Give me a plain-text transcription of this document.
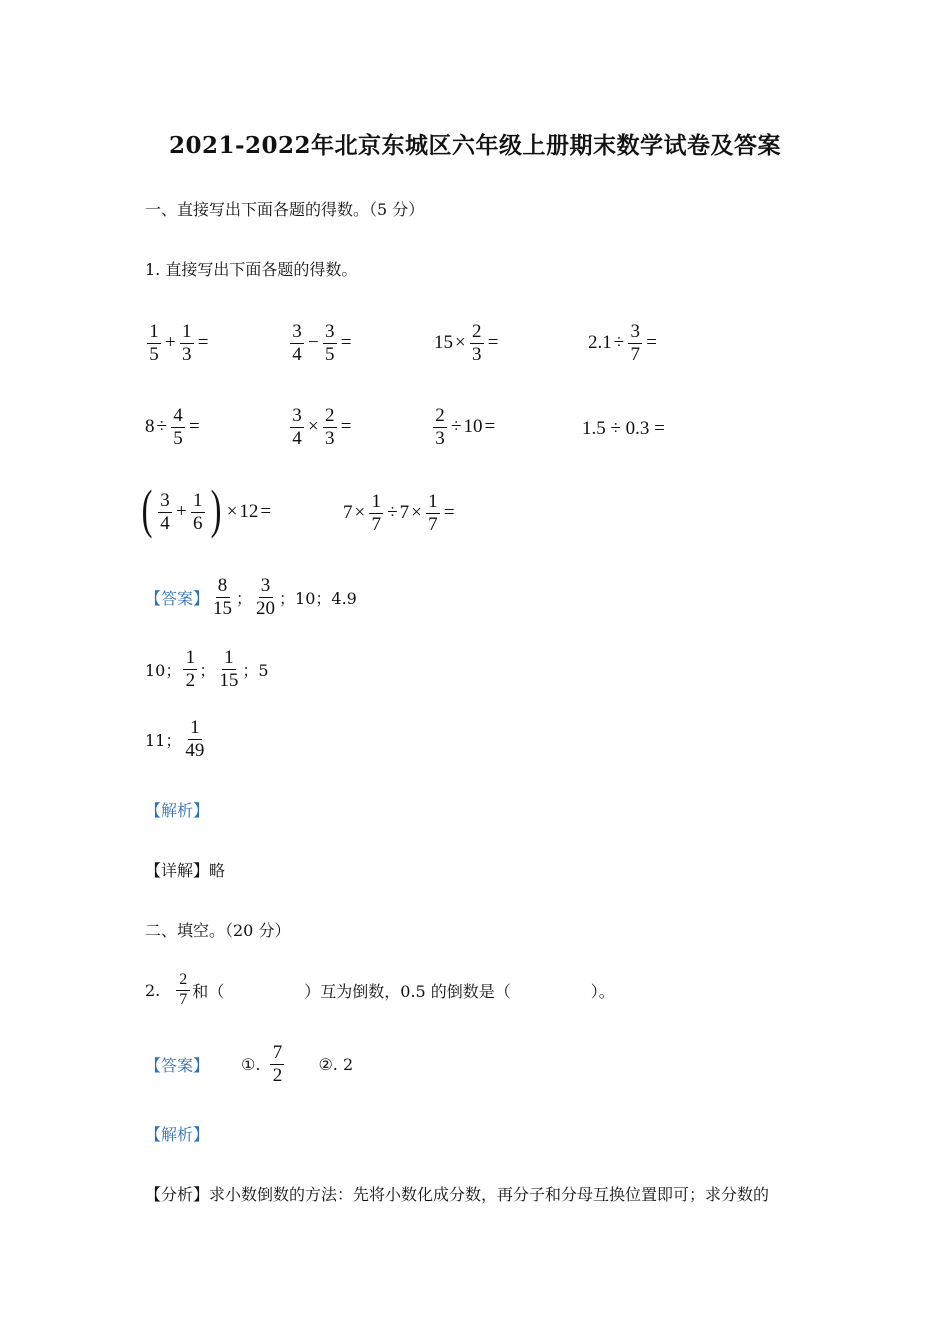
2021-2022年北京东城区六年级上册期末数学试卷及答案
一、直接写出下面各题的得数。（5 分）
1. 直接写出下面各题的得数。
$\frac{1}{5} + \frac{1}{3}$ =	$\frac{3}{4} - \frac{3}{5}$ =	$15 \times \frac{2}{3}$ =	$2.1 \div \frac{3}{7}$ =
$8 \div \frac{4}{5}$ =	$\frac{3}{4} \times \frac{2}{3}$ =	$\frac{2}{3} \div 10$ =	1.5 ÷ 0.3 =
( $\frac{3}{4} + \frac{1}{6}$ ) × 12 =	$7 \times \frac{1}{7} \div 7 \times \frac{1}{7}$ =
【答案】 $\frac{8}{15}$ ； $\frac{3}{20}$ ；10；4.9
10； $\frac{1}{2}$ ； $\frac{1}{15}$ ；5
11； $\frac{1}{49}$
【解析】
【详解】略
二、填空。（20 分）
2. $\frac{2}{7}$ 和（　　　　　）互为倒数，0.5 的倒数是（　　　　　）。
【答案】 ①. $\frac{7}{2}$ ②. 2
【解析】
【分析】求小数倒数的方法：先将小数化成分数，再分子和分母互换位置即可；求分数的
